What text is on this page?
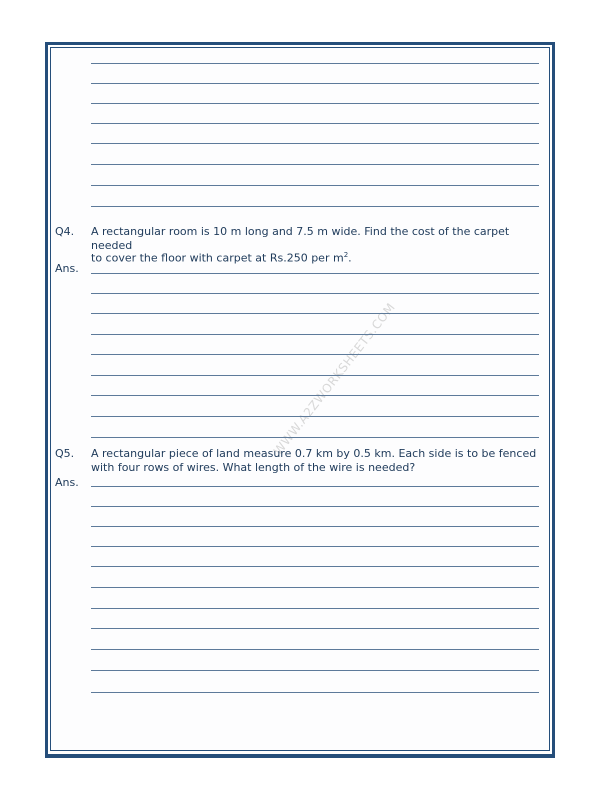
WWW.A2ZWORKSHEETS.COM
Q4. A rectangular room is 10 m long and 7.5 m wide. Find the cost of the carpet needed
to cover the floor with carpet at Rs.250 per $m^2$.
Ans.
Q5. A rectangular piece of land measure 0.7 km by 0.5 km. Each side is to be fenced
with four rows of wires. What length of the wire is needed?
Ans.
